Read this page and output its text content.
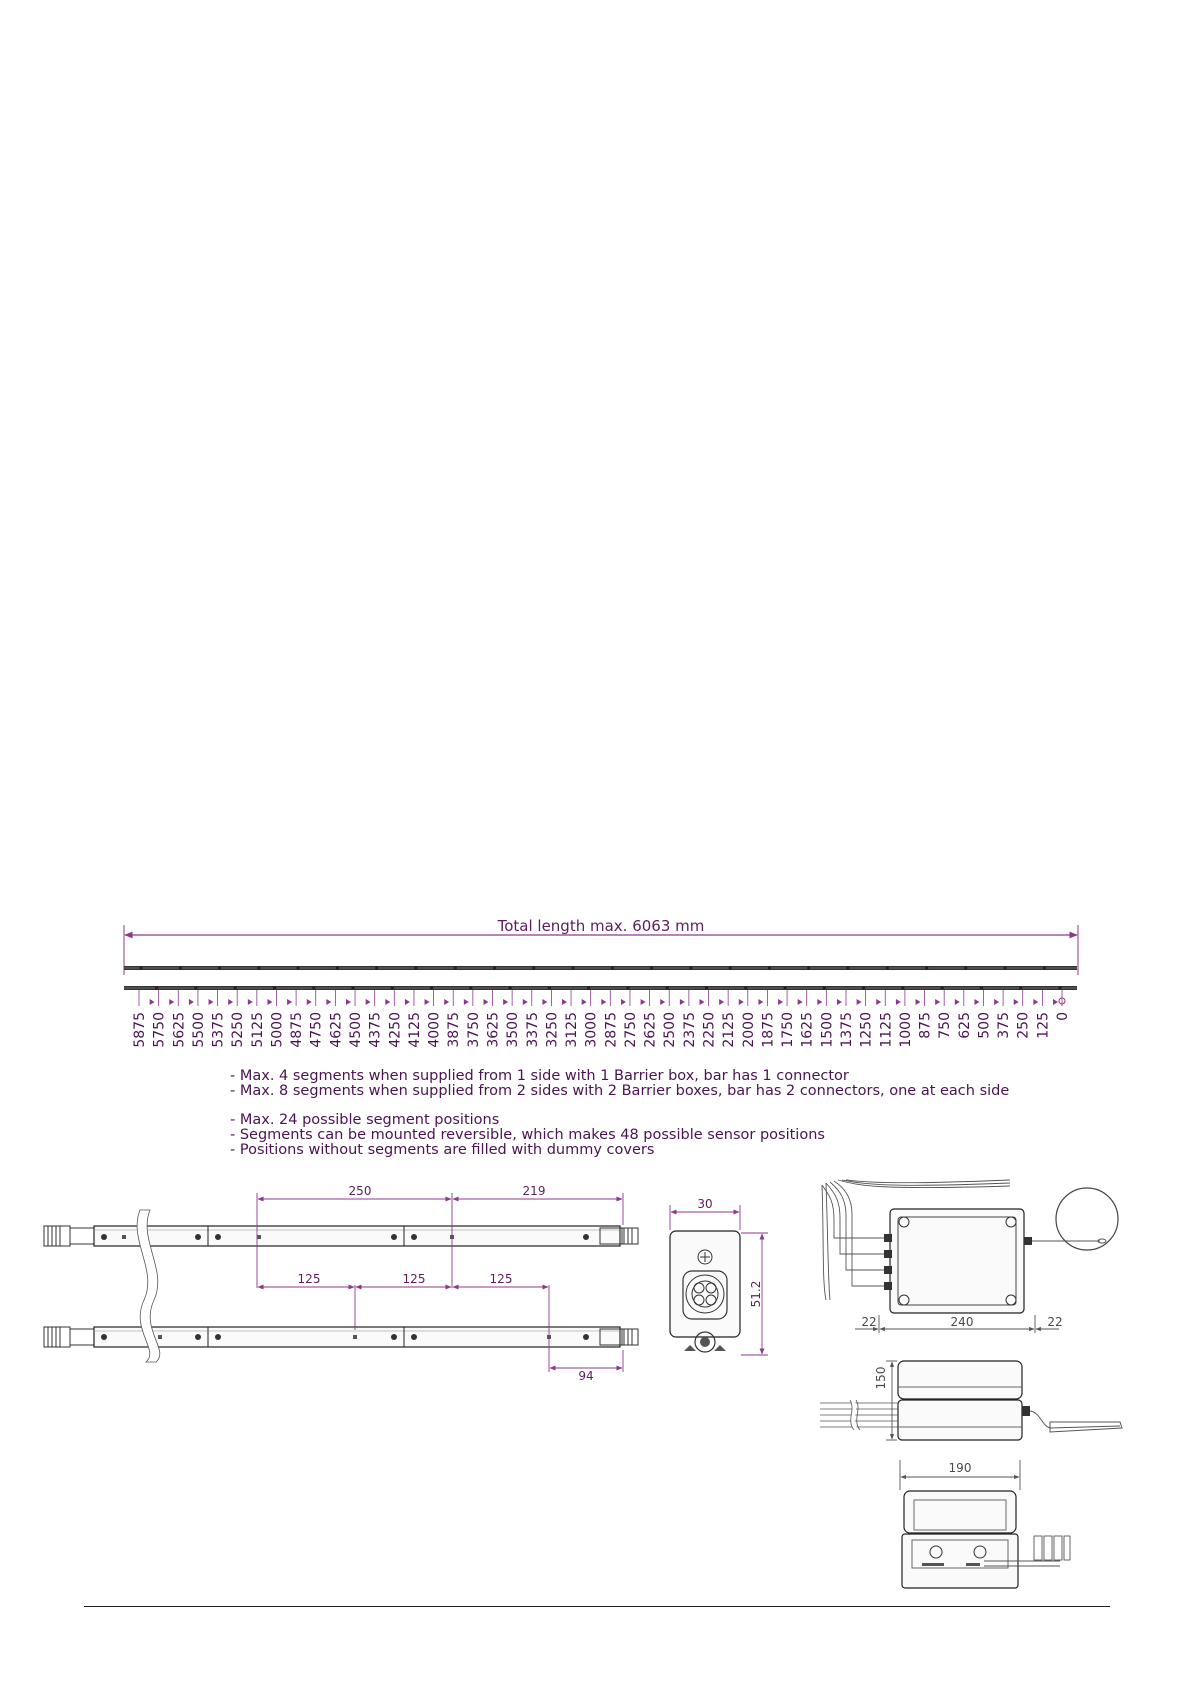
Total length max. 6063 mm
5875 5750 5625 5500 5375 5250 5125 5000 4875 4750 4625 4500 4375 4250 4125 4000 3875 3750 3625 3500 3375 3250 3125 3000 2875 2750 2625 2500 2375 2250 2125 2000 1875 1750 1625 1500 1375 1250 1125 1000 875 750 625 500 375 250 125 0
250	219
125	125	125
94
30
51.2
22	240	22
150
190
- Max. 4 segments when supplied from 1 side with 1 Barrier box, bar has 1 connector
- Max. 8 segments when supplied from 2 sides with 2 Barrier boxes, bar has 2 connectors, one at each side
- Max. 24 possible segment positions
- Segments can be mounted reversible, which makes 48 possible sensor positions
- Positions without segments are filled with dummy covers
